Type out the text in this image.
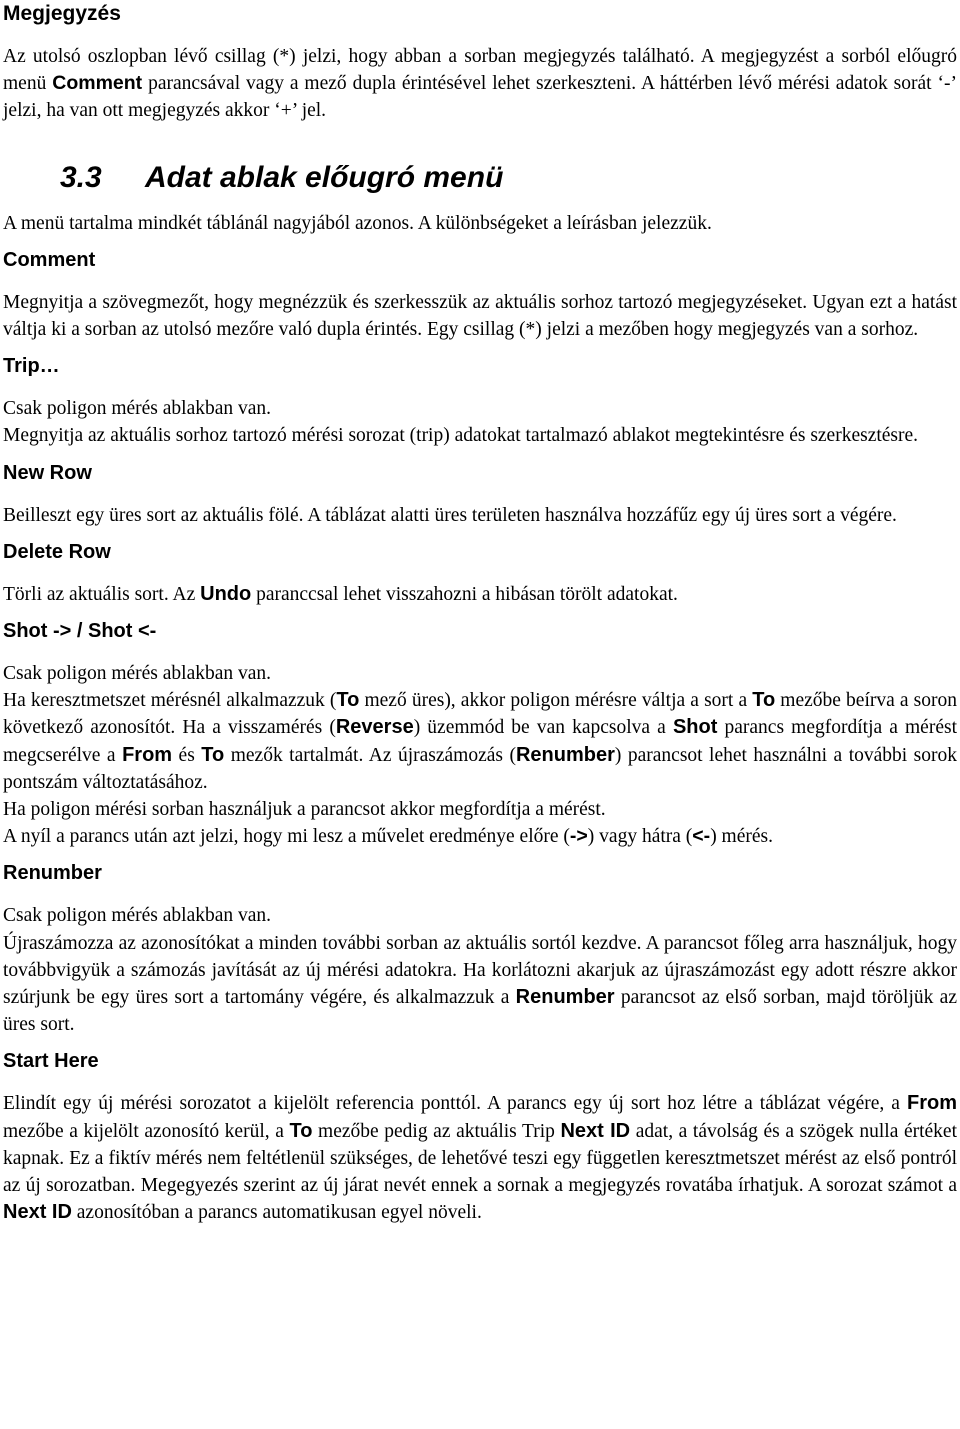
Megjegyzés

Az utolsó oszlopban lévő csillag (*) jelzi, hogy abban a sorban megjegyzés található. A megjegyzést a sorból előugró menü Comment parancsával vagy a mező dupla érintésével lehet szerkeszteni. A háttérben lévő mérési adatok sorát ‘-’ jelzi, ha van ott megjegyzés akkor ‘+’ jel.

3.3 Adat ablak előugró menü

A menü tartalma mindkét táblánál nagyjából azonos. A különbségeket a leírásban jelezzük.

Comment

Megnyitja a szövegmezőt, hogy megnézzük és szerkesszük az aktuális sorhoz tartozó megjegyzéseket. Ugyan ezt a hatást váltja ki a sorban az utolsó mezőre való dupla érintés. Egy csillag (*) jelzi a mezőben hogy megjegyzés van a sorhoz.

Trip…

Csak poligon mérés ablakban van.

Megnyitja az aktuális sorhoz tartozó mérési sorozat (trip) adatokat tartalmazó ablakot megtekintésre és szerkesztésre.

New Row

Beilleszt egy üres sort az aktuális fölé. A táblázat alatti üres területen használva hozzáfűz egy új üres sort a végére.

Delete Row

Törli az aktuális sort. Az Undo paranccsal lehet visszahozni a hibásan törölt adatokat.

Shot -> / Shot <-

Csak poligon mérés ablakban van.

Ha keresztmetszet mérésnél alkalmazzuk (To mező üres), akkor poligon mérésre váltja a sort a To mezőbe beírva a soron következő azonosítót. Ha a visszamérés (Reverse) üzemmód be van kapcsolva a Shot parancs megfordítja a mérést megcserélve a From és To mezők tartalmát. Az újraszámozás (Renumber) parancsot lehet használni a további sorok pontszám változtatásához.

Ha poligon mérési sorban használjuk a parancsot akkor megfordítja a mérést.

A nyíl a parancs után azt jelzi, hogy mi lesz a művelet eredménye előre (->) vagy hátra (<-) mérés.

Renumber

Csak poligon mérés ablakban van.

Újraszámozza az azonosítókat a minden további sorban az aktuális sortól kezdve. A parancsot főleg arra használjuk, hogy továbbvigyük a számozás javítását az új mérési adatokra. Ha korlátozni akarjuk az újraszámozást egy adott részre akkor szúrjunk be egy üres sort a tartomány végére, és alkalmazzuk a Renumber parancsot az első sorban, majd töröljük az üres sort.

Start Here

Elindít egy új mérési sorozatot a kijelölt referencia ponttól. A parancs egy új sort hoz létre a táblázat végére, a From mezőbe a kijelölt azonosító kerül, a To mezőbe pedig az aktuális Trip Next ID adat, a távolság és a szögek nulla értéket kapnak. Ez a fiktív mérés nem feltétlenül szükséges, de lehetővé teszi egy független keresztmetszet mérést az első pontról az új sorozatban. Megegyezés szerint az új járat nevét ennek a sornak a megjegyzés rovatába írhatjuk. A sorozat számot a Next ID azonosítóban a parancs automatikusan egyel növeli.
